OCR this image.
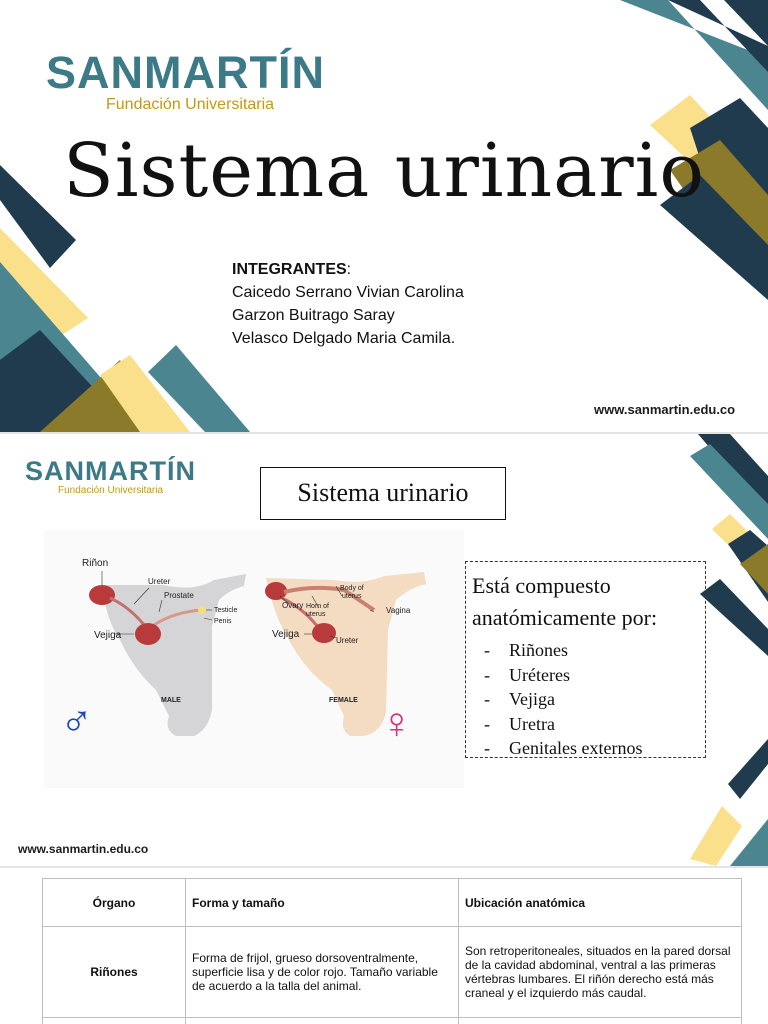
SANMARTÍN
Fundación Universitaria
Sistema urinario
INTEGRANTES:
Caicedo Serrano Vivian Carolina
Garzon Buitrago Saray
Velasco Delgado Maria Camila.
www.sanmartin.edu.co
SANMARTÍN
Fundación Universitaria	Sistema urinario
Riñon
Ureter
Prostate
Testicle
Penis
Vejiga
MALE
Ovary Horn of
uterus
Body of
uterus
Vagina
Vejiga
Ureter
FEMALE
♂	♀
Está compuesto anatómicamente por:
- Riñones
- Uréteres
- Vejiga
- Uretra
- Genitales externos
www.sanmartin.edu.co
Órgano	Forma y tamaño	Ubicación anatómica
Riñones	Forma de frijol, grueso dorsoventralmente, superficie lisa y de color rojo. Tamaño variable de acuerdo a la talla del animal.	Son retroperitoneales, situados en la pared dorsal de la cavidad abdominal, ventral a las primeras vértebras lumbares. El riñón derecho está más craneal y el izquierdo más caudal.
